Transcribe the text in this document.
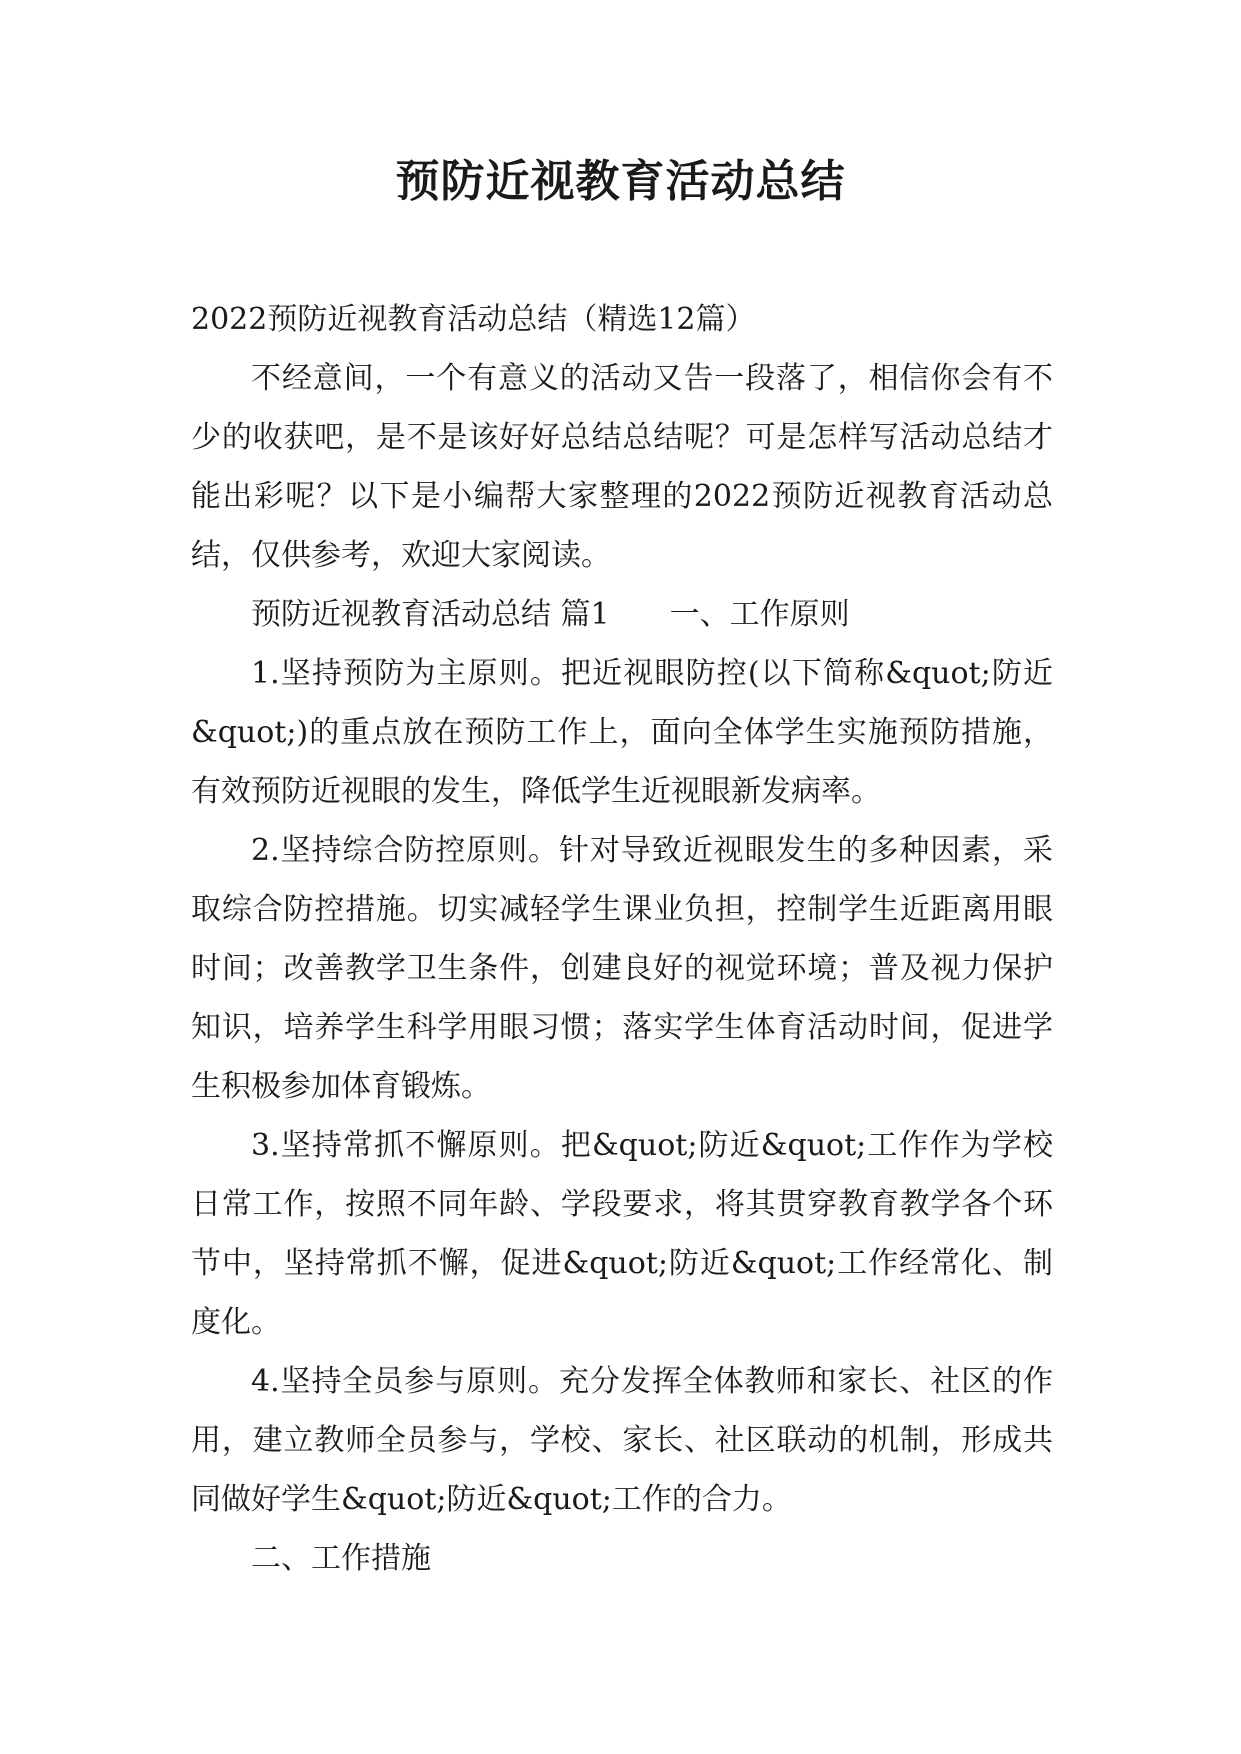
预防近视教育活动总结

2022预防近视教育活动总结（精选12篇）

不经意间，一个有意义的活动又告一段落了，相信你会有不少的收获吧，是不是该好好总结总结呢？可是怎样写活动总结才能出彩呢？以下是小编帮大家整理的2022预防近视教育活动总结，仅供参考，欢迎大家阅读。

预防近视教育活动总结 篇1　　一、工作原则

1.坚持预防为主原则。把近视眼防控(以下简称&quot;防近&quot;)的重点放在预防工作上，面向全体学生实施预防措施，有效预防近视眼的发生，降低学生近视眼新发病率。

2.坚持综合防控原则。针对导致近视眼发生的多种因素，采取综合防控措施。切实减轻学生课业负担，控制学生近距离用眼时间；改善教学卫生条件，创建良好的视觉环境；普及视力保护知识，培养学生科学用眼习惯；落实学生体育活动时间，促进学生积极参加体育锻炼。

3.坚持常抓不懈原则。把&quot;防近&quot;工作作为学校日常工作，按照不同年龄、学段要求，将其贯穿教育教学各个环节中，坚持常抓不懈，促进&quot;防近&quot;工作经常化、制度化。

4.坚持全员参与原则。充分发挥全体教师和家长、社区的作用，建立教师全员参与，学校、家长、社区联动的机制，形成共同做好学生&quot;防近&quot;工作的合力。

二、工作措施
